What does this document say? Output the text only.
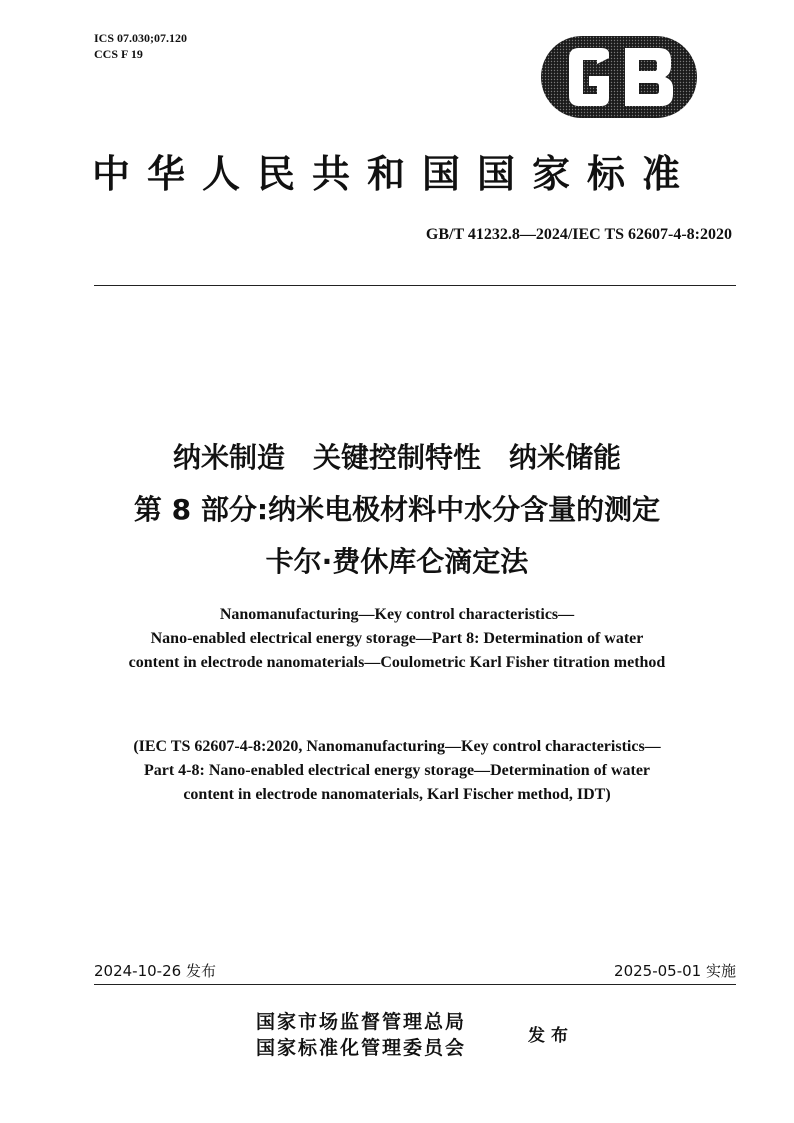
ICS 07.030;07.120
CCS F 19
中华人民共和国国家标准
GB/T 41232.8—2024/IEC TS 62607-4-8:2020
纳米制造　关键控制特性　纳米储能
第 8 部分:纳米电极材料中水分含量的测定
卡尔·费休库仑滴定法
Nanomanufacturing—Key control characteristics—
Nano-enabled electrical energy storage—Part 8: Determination of water
content in electrode nanomaterials—Coulometric Karl Fisher titration method
(IEC TS 62607-4-8:2020, Nanomanufacturing—Key control characteristics—
Part 4-8: Nano-enabled electrical energy storage—Determination of water
content in electrode nanomaterials, Karl Fischer method, IDT)
2024-10-26 发布	2025-05-01 实施
国家市场监督管理总局
国家标准化管理委员会
发布
